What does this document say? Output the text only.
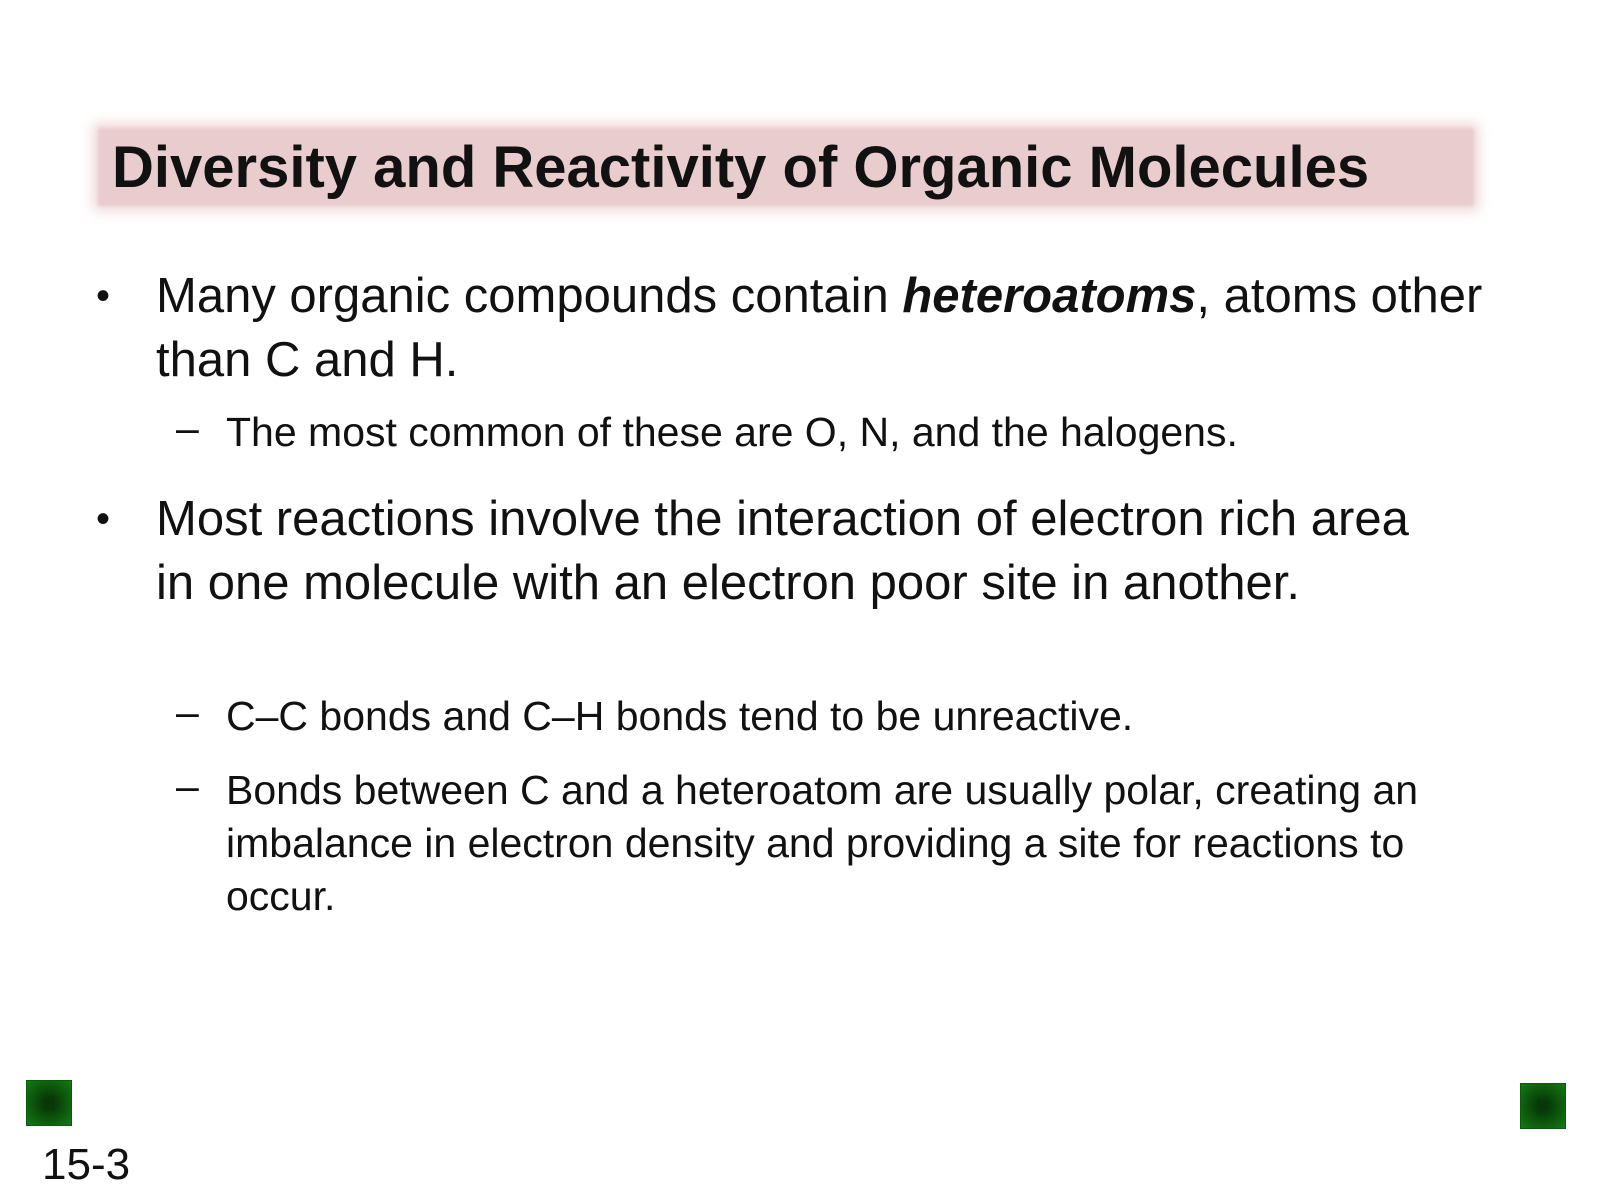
Diversity and Reactivity of Organic Molecules
• Many organic compounds contain heteroatoms, atoms other than C and H.
– The most common of these are O, N, and the halogens.
• Most reactions involve the interaction of electron rich area in one molecule with an electron poor site in another.
– C–C bonds and C–H bonds tend to be unreactive.
– Bonds between C and a heteroatom are usually polar, creating an imbalance in electron density and providing a site for reactions to occur.
15-3
